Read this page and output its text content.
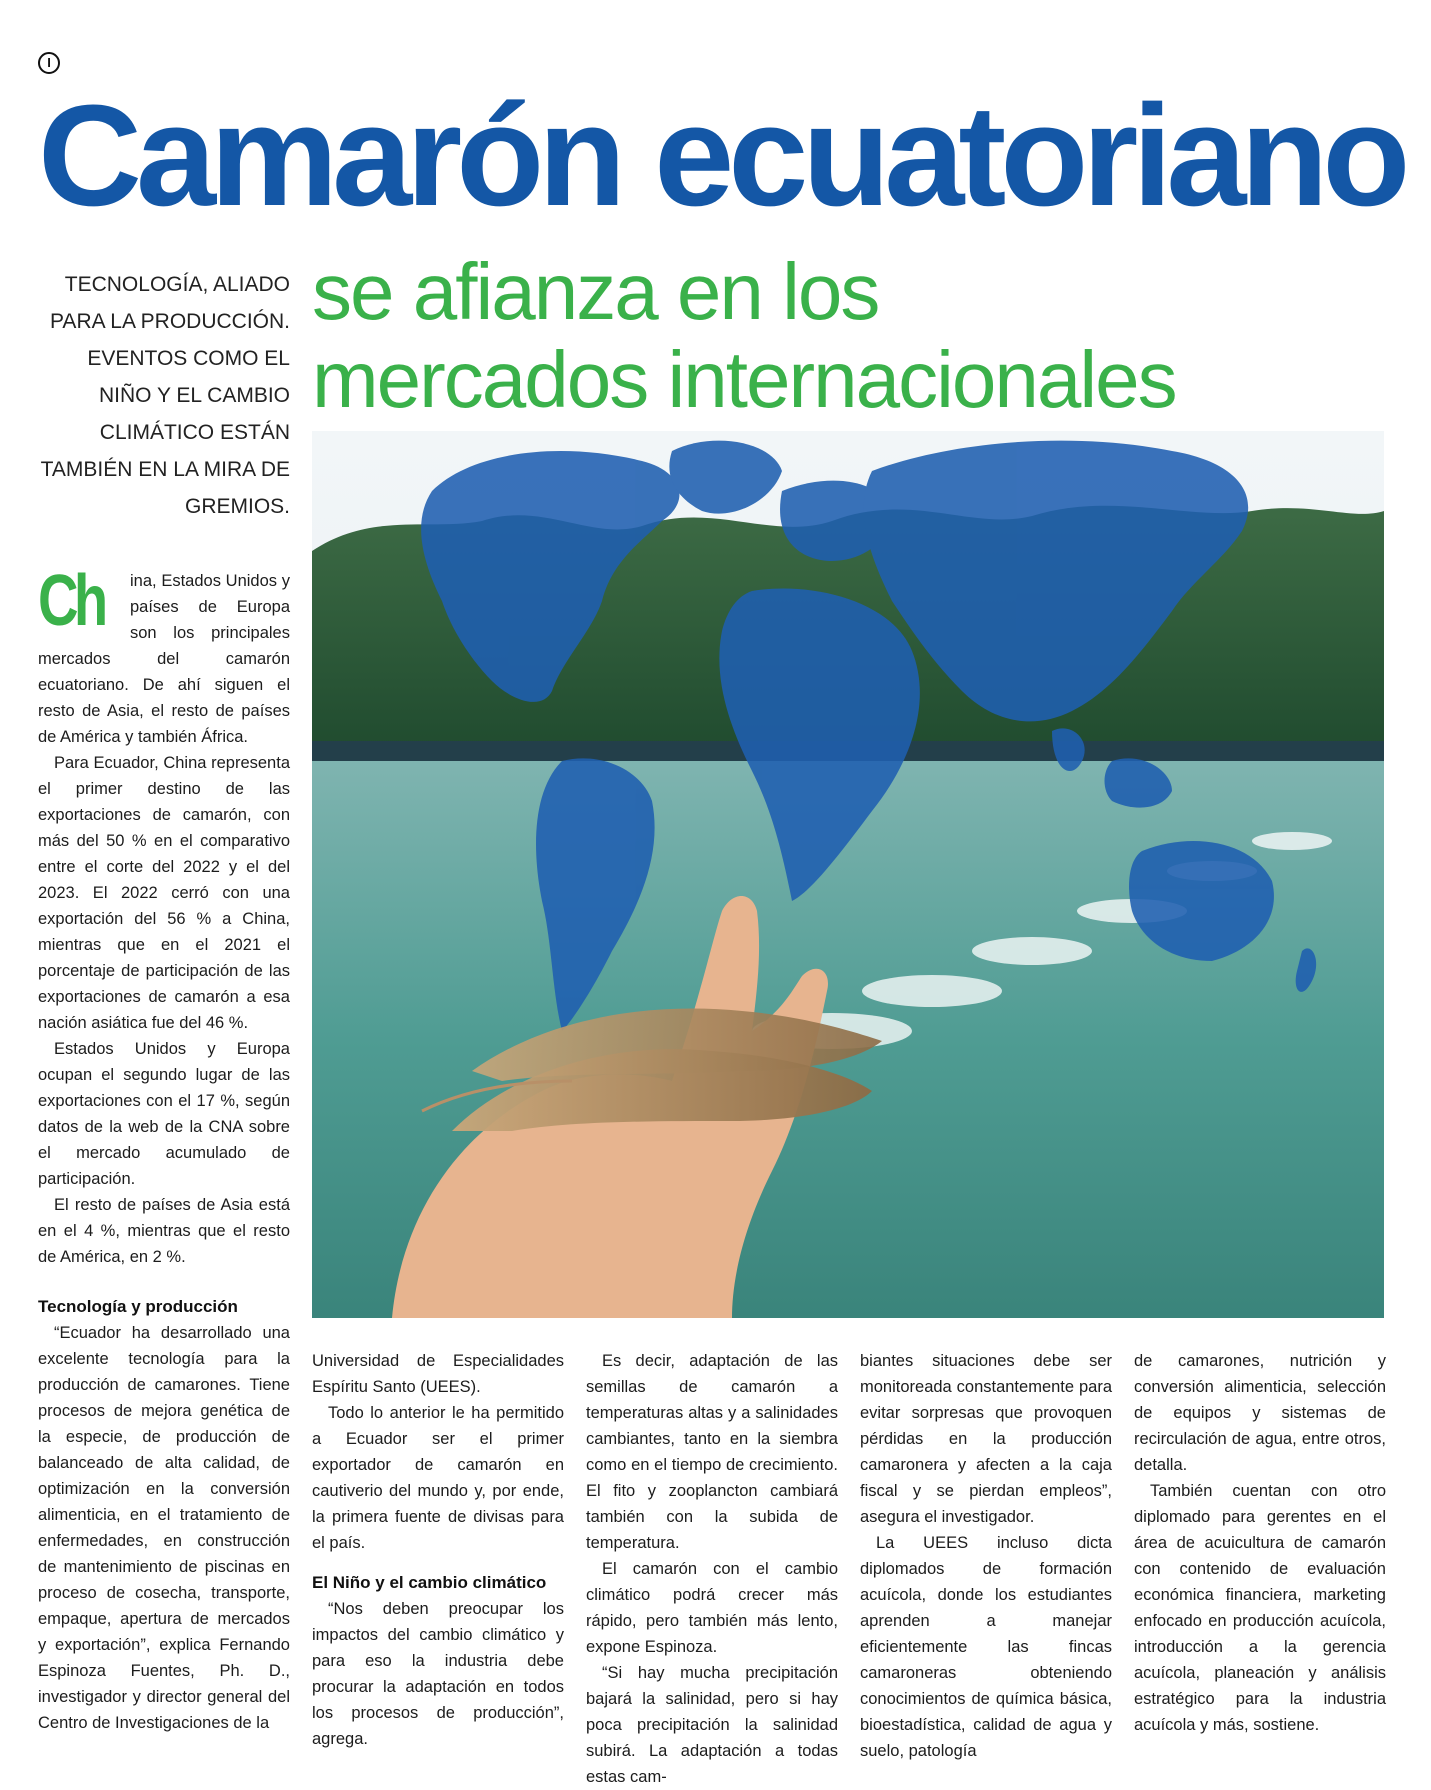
I
Camarón ecuatoriano
se afianza en los
mercados internacionales
TECNOLOGÍA, ALIADO
PARA LA PRODUCCIÓN.
EVENTOS COMO EL
NIÑO Y EL CAMBIO
CLIMÁTICO ESTÁN
TAMBIÉN EN LA MIRA DE
GREMIOS.

Ch ina, Estados Unidos y países de Europa son los principales mercados del camarón ecuatoriano. De ahí siguen el resto de Asia, el resto de países de América y también África.

Para Ecuador, China representa el primer destino de las exportaciones de camarón, con más del 50 % en el comparativo entre el corte del 2022 y el del 2023. El 2022 cerró con una exportación del 56 % a China, mientras que en el 2021 el porcentaje de participación de las exportaciones de camarón a esa nación asiática fue del 46 %.

Estados Unidos y Europa ocupan el segundo lugar de las exportaciones con el 17 %, según datos de la web de la CNA sobre el mercado acumulado de participación.

El resto de países de Asia está en el 4 %, mientras que el resto de América, en 2 %.

Tecnología y producción

“Ecuador ha desarrollado una excelente tecnología para la producción de camarones. Tiene procesos de mejora genética de la especie, de producción de balanceado de alta calidad, de optimización en la conversión alimenticia, en el tratamiento de enfermedades, en construcción de mantenimiento de piscinas en proceso de cosecha, transporte, empaque, apertura de mercados y exportación”, explica Fernando Espinoza Fuentes, Ph. D., investigador y director general del Centro de Investigaciones de la

Universidad de Especialidades Espíritu Santo (UEES).

Todo lo anterior le ha permitido a Ecuador ser el primer exportador de camarón en cautiverio del mundo y, por ende, la primera fuente de divisas para el país.

El Niño y el cambio climático

“Nos deben preocupar los impactos del cambio climático y para eso la industria debe procurar la adaptación en todos los procesos de producción”, agrega.

Es decir, adaptación de las semillas de camarón a temperaturas altas y a salinidades cambiantes, tanto en la siembra como en el tiempo de crecimiento. El fito y zooplancton cambiará también con la subida de temperatura.

El camarón con el cambio climático podrá crecer más rápido, pero también más lento, expone Espinoza.

“Si hay mucha precipitación bajará la salinidad, pero si hay poca precipitación la salinidad subirá. La adaptación a todas estas cam-

biantes situaciones debe ser monitoreada constantemente para evitar sorpresas que provoquen pérdidas en la producción camaronera y afecten a la caja fiscal y se pierdan empleos”, asegura el investigador.

La UEES incluso dicta diplomados de formación acuícola, donde los estudiantes aprenden a manejar eficientemente las fincas camaroneras obteniendo conocimientos de química básica, bioestadística, calidad de agua y suelo, patología

de camarones, nutrición y conversión alimenticia, selección de equipos y sistemas de recirculación de agua, entre otros, detalla.

También cuentan con otro diplomado para gerentes en el área de acuicultura de camarón con contenido de evaluación económica financiera, marketing enfocado en producción acuícola, introducción a la gerencia acuícola, planeación y análisis estratégico para la industria acuícola y más, sostiene.
